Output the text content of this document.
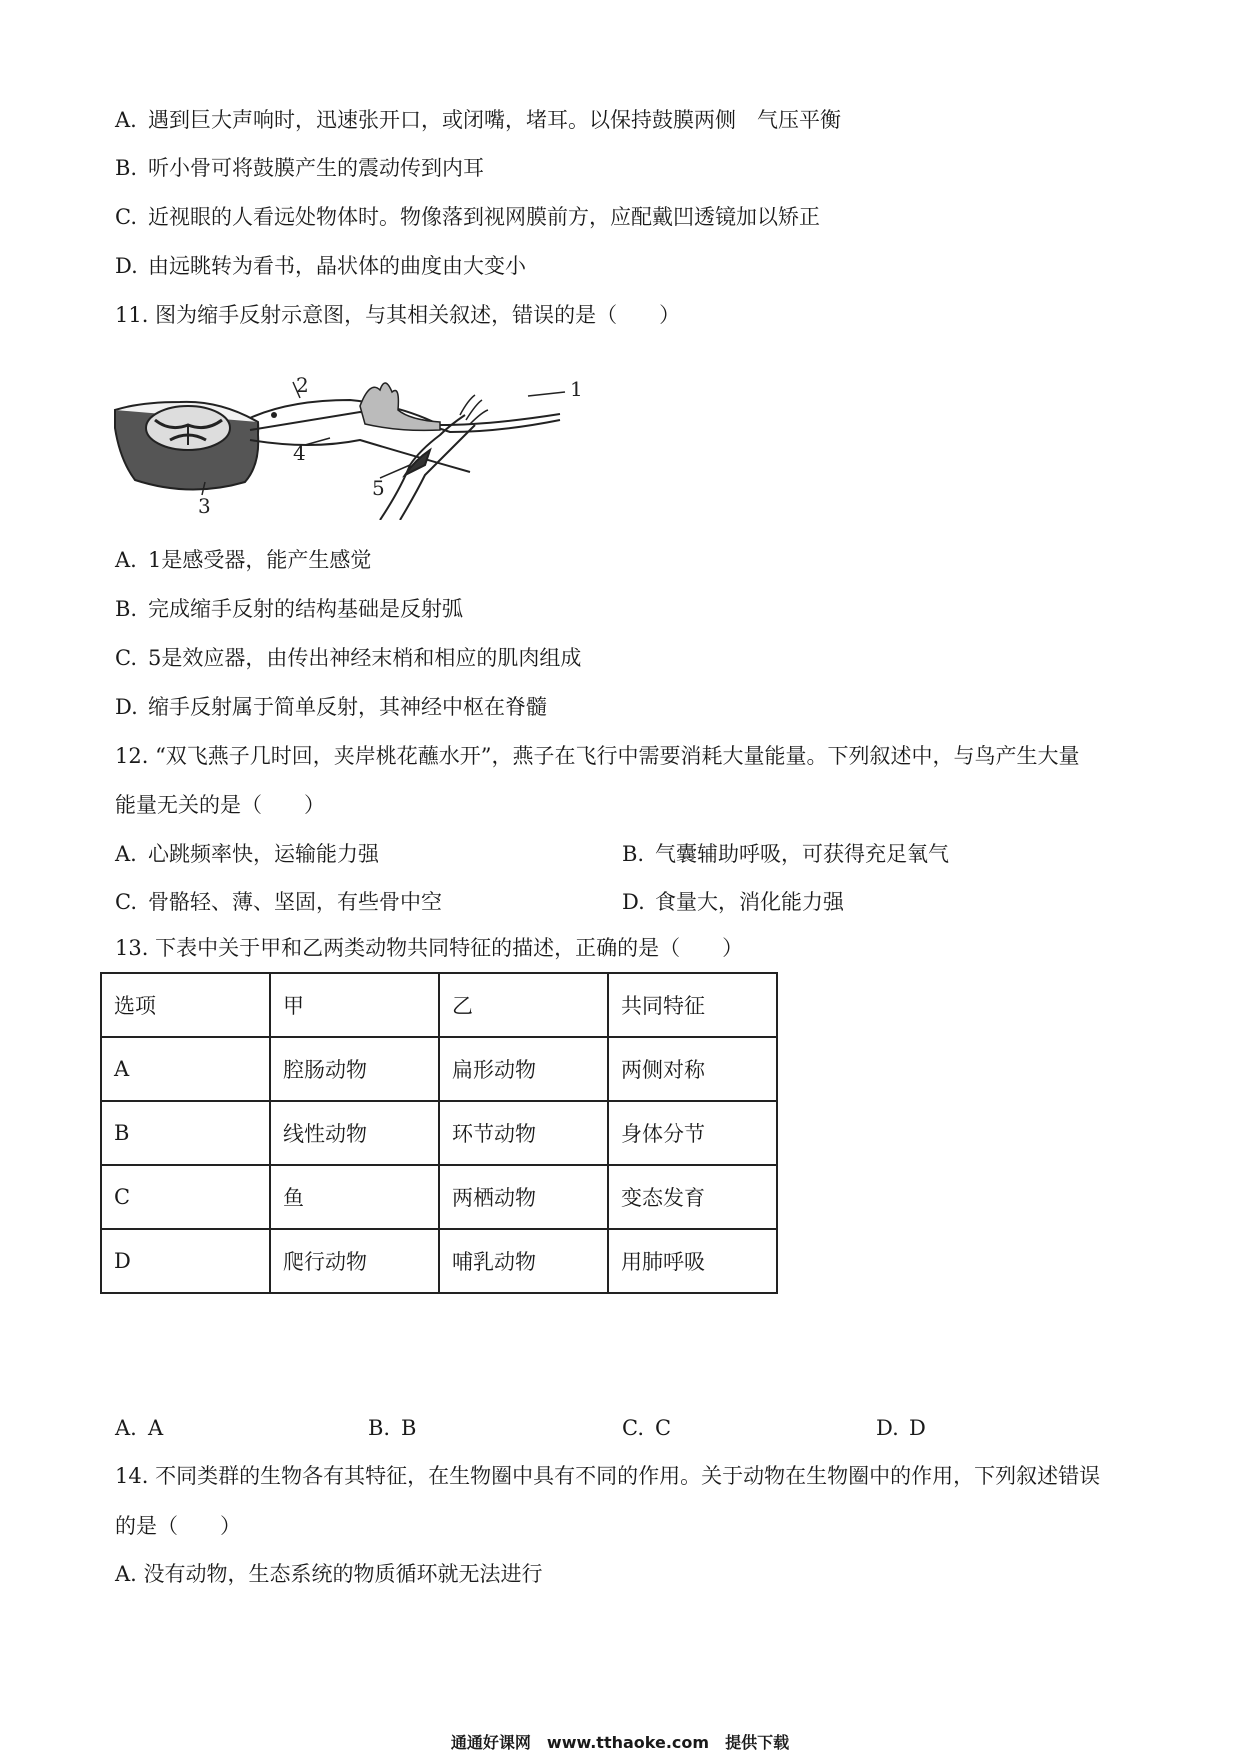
A. 遇到巨大声响时，迅速张开口，或闭嘴，堵耳。以保持鼓膜两侧　气压平衡
B. 听小骨可将鼓膜产生的震动传到内耳
C. 近视眼的人看远处物体时。物像落到视网膜前方，应配戴凹透镜加以矫正
D. 由远眺转为看书，晶状体的曲度由大变小
11. 图为缩手反射示意图，与其相关叙述，错误的是（　　）
1
2
3
4
5
A. 1是感受器，能产生感觉
B. 完成缩手反射的结构基础是反射弧
C. 5是效应器，由传出神经末梢和相应的肌肉组成
D. 缩手反射属于简单反射，其神经中枢在脊髓
12. “双飞燕子几时回，夹岸桃花蘸水开”，燕子在飞行中需要消耗大量能量。下列叙述中，与鸟产生大量
能量无关的是（　　）
A. 心跳频率快，运输能力强	B. 气囊辅助呼吸，可获得充足氧气
C. 骨骼轻、薄、坚固，有些骨中空	D. 食量大，消化能力强
13. 下表中关于甲和乙两类动物共同特征的描述，正确的是（　　）
选项	甲	乙	共同特征
A	腔肠动物	扁形动物	两侧对称
B	线性动物	环节动物	身体分节
C	鱼	两栖动物	变态发育
D	爬行动物	哺乳动物	用肺呼吸
A. A	B. B	C. C	D. D
14. 不同类群的生物各有其特征，在生物圈中具有不同的作用。关于动物在生物圈中的作用，下列叙述错误
的是（　　）
A. 没有动物，生态系统的物质循环就无法进行
通通好课网　www.tthaoke.com　提供下载
